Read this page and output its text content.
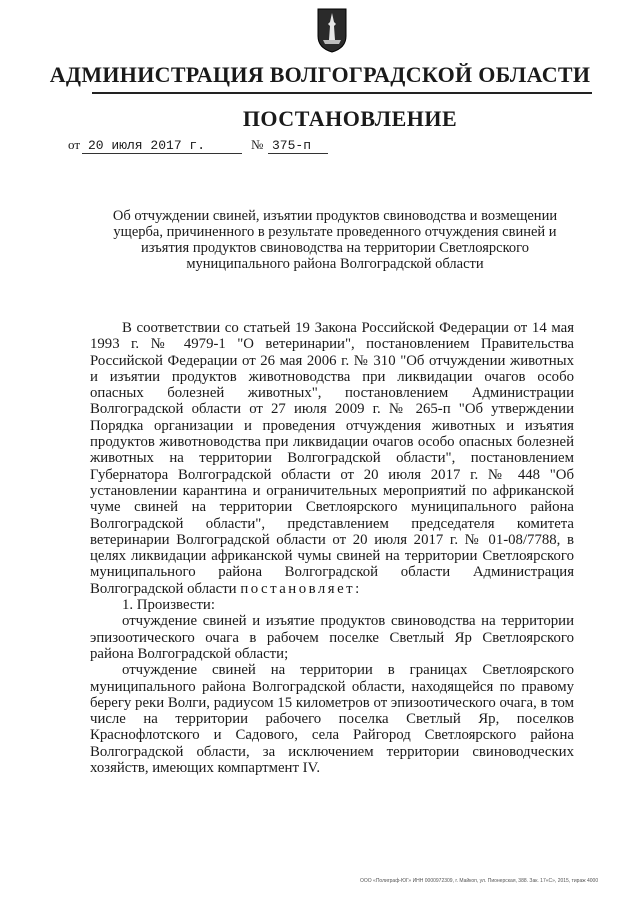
АДМИНИСТРАЦИЯ ВОЛГОГРАДСКОЙ ОБЛАСТИ
ПОСТАНОВЛЕНИЕ
от 20 июля 2017 г.	№ 375-п
Об отчуждении свиней, изъятии продуктов свиноводства и возмещении ущерба, причиненного в результате проведенного отчуждения свиней и изъятия продуктов свиноводства на территории Светлоярского муниципального района Волгоградской области

В соответствии со статьей 19 Закона Российской Федерации от 14 мая 1993 г. № 4979-1 "О ветеринарии", постановлением Правительства Российской Федерации от 26 мая 2006 г. № 310 "Об отчуждении животных и изъятии продуктов животноводства при ликвидации очагов особо опасных болезней животных", постановлением Администрации Волгоградской области от 27 июля 2009 г. № 265-п "Об утверждении Порядка организации и проведения отчуждения животных и изъятия продуктов животноводства при ликвидации очагов особо опасных болезней животных на территории Волгоградской области", постановлением Губернатора Волгоградской области от 20 июля 2017 г. № 448 "Об установлении карантина и ограничительных мероприятий по африканской чуме свиней на территории Светлоярского муниципального района Волгоградской области", представлением председателя комитета ветеринарии Волгоградской области от 20 июля 2017 г. № 01-08/7788, в целях ликвидации африканской чумы свиней на территории Светлоярского муниципального района Волгоградской области Администрация Волгоградской области постановляет:

1. Произвести:

отчуждение свиней и изъятие продуктов свиноводства на территории эпизоотического очага в рабочем поселке Светлый Яр Светлоярского района Волгоградской области;

отчуждение свиней на территории в границах Светлоярского муниципального района Волгоградской области, находящейся по правому берегу реки Волги, радиусом 15 километров от эпизоотического очага, в том числе на территории рабочего поселка Светлый Яр, поселков Краснофлотского и Садового, села Райгород Светлоярского района Волгоградской области, за исключением территории свиноводческих хозяйств, имеющих компартмент IV.

ООО «Полиграф-ЮГ» ИНН 0000972309, г. Майкоп, ул. Пионерская, 388. Зак. 17«С», 2015, тираж 4000
